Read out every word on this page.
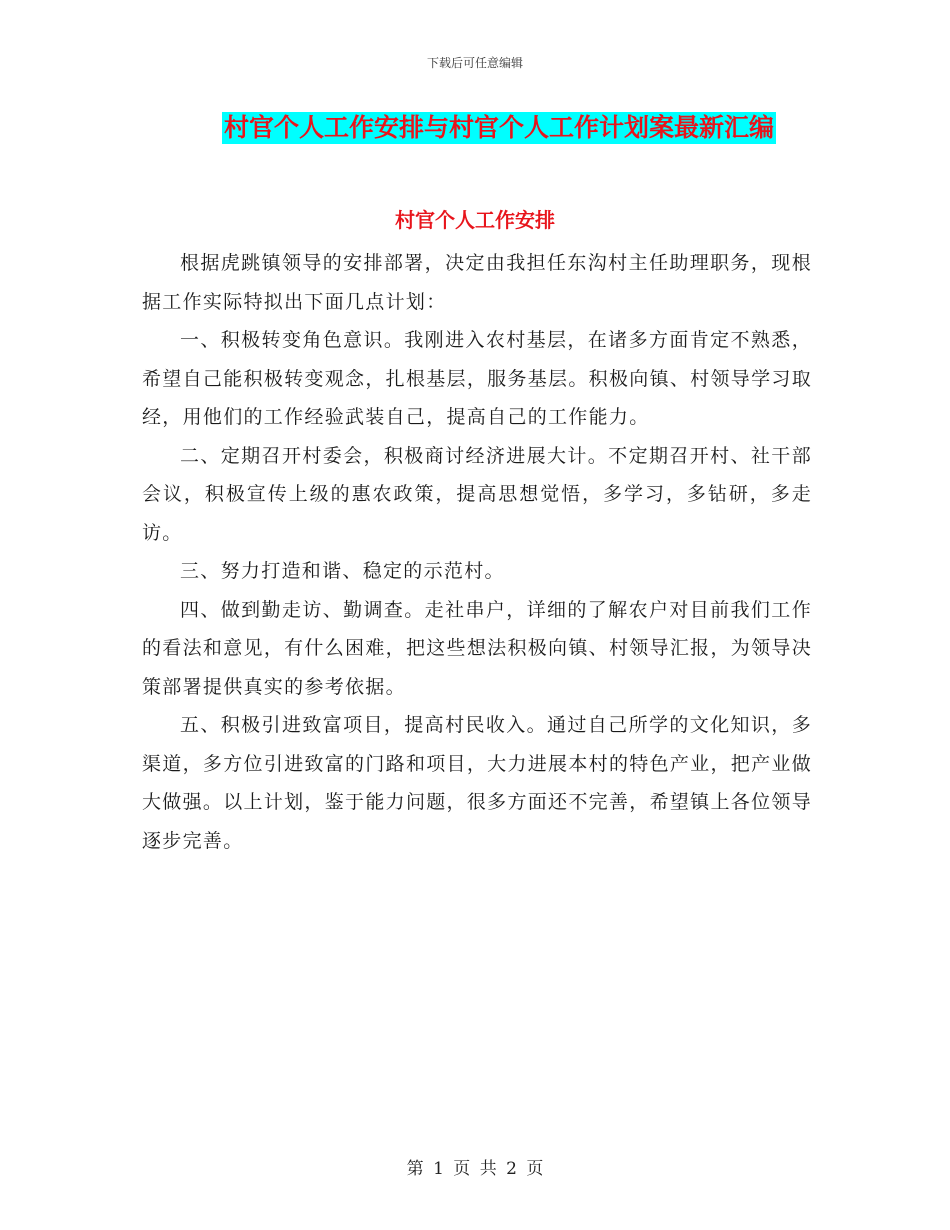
下载后可任意编辑
村官个人工作安排与村官个人工作计划案最新汇编
村官个人工作安排

根据虎跳镇领导的安排部署，决定由我担任东沟村主任助理职务，现根据工作实际特拟出下面几点计划：

一、积极转变角色意识。我刚进入农村基层，在诸多方面肯定不熟悉，希望自己能积极转变观念，扎根基层，服务基层。积极向镇、村领导学习取经，用他们的工作经验武装自己，提高自己的工作能力。

二、定期召开村委会，积极商讨经济进展大计。不定期召开村、社干部会议，积极宣传上级的惠农政策，提高思想觉悟，多学习，多钻研，多走访。

三、努力打造和谐、稳定的示范村。

四、做到勤走访、勤调查。走社串户，详细的了解农户对目前我们工作的看法和意见，有什么困难，把这些想法积极向镇、村领导汇报，为领导决策部署提供真实的参考依据。

五、积极引进致富项目，提高村民收入。通过自己所学的文化知识，多渠道，多方位引进致富的门路和项目，大力进展本村的特色产业，把产业做大做强。以上计划，鉴于能力问题，很多方面还不完善，希望镇上各位领导逐步完善。

第 1 页 共 2 页
